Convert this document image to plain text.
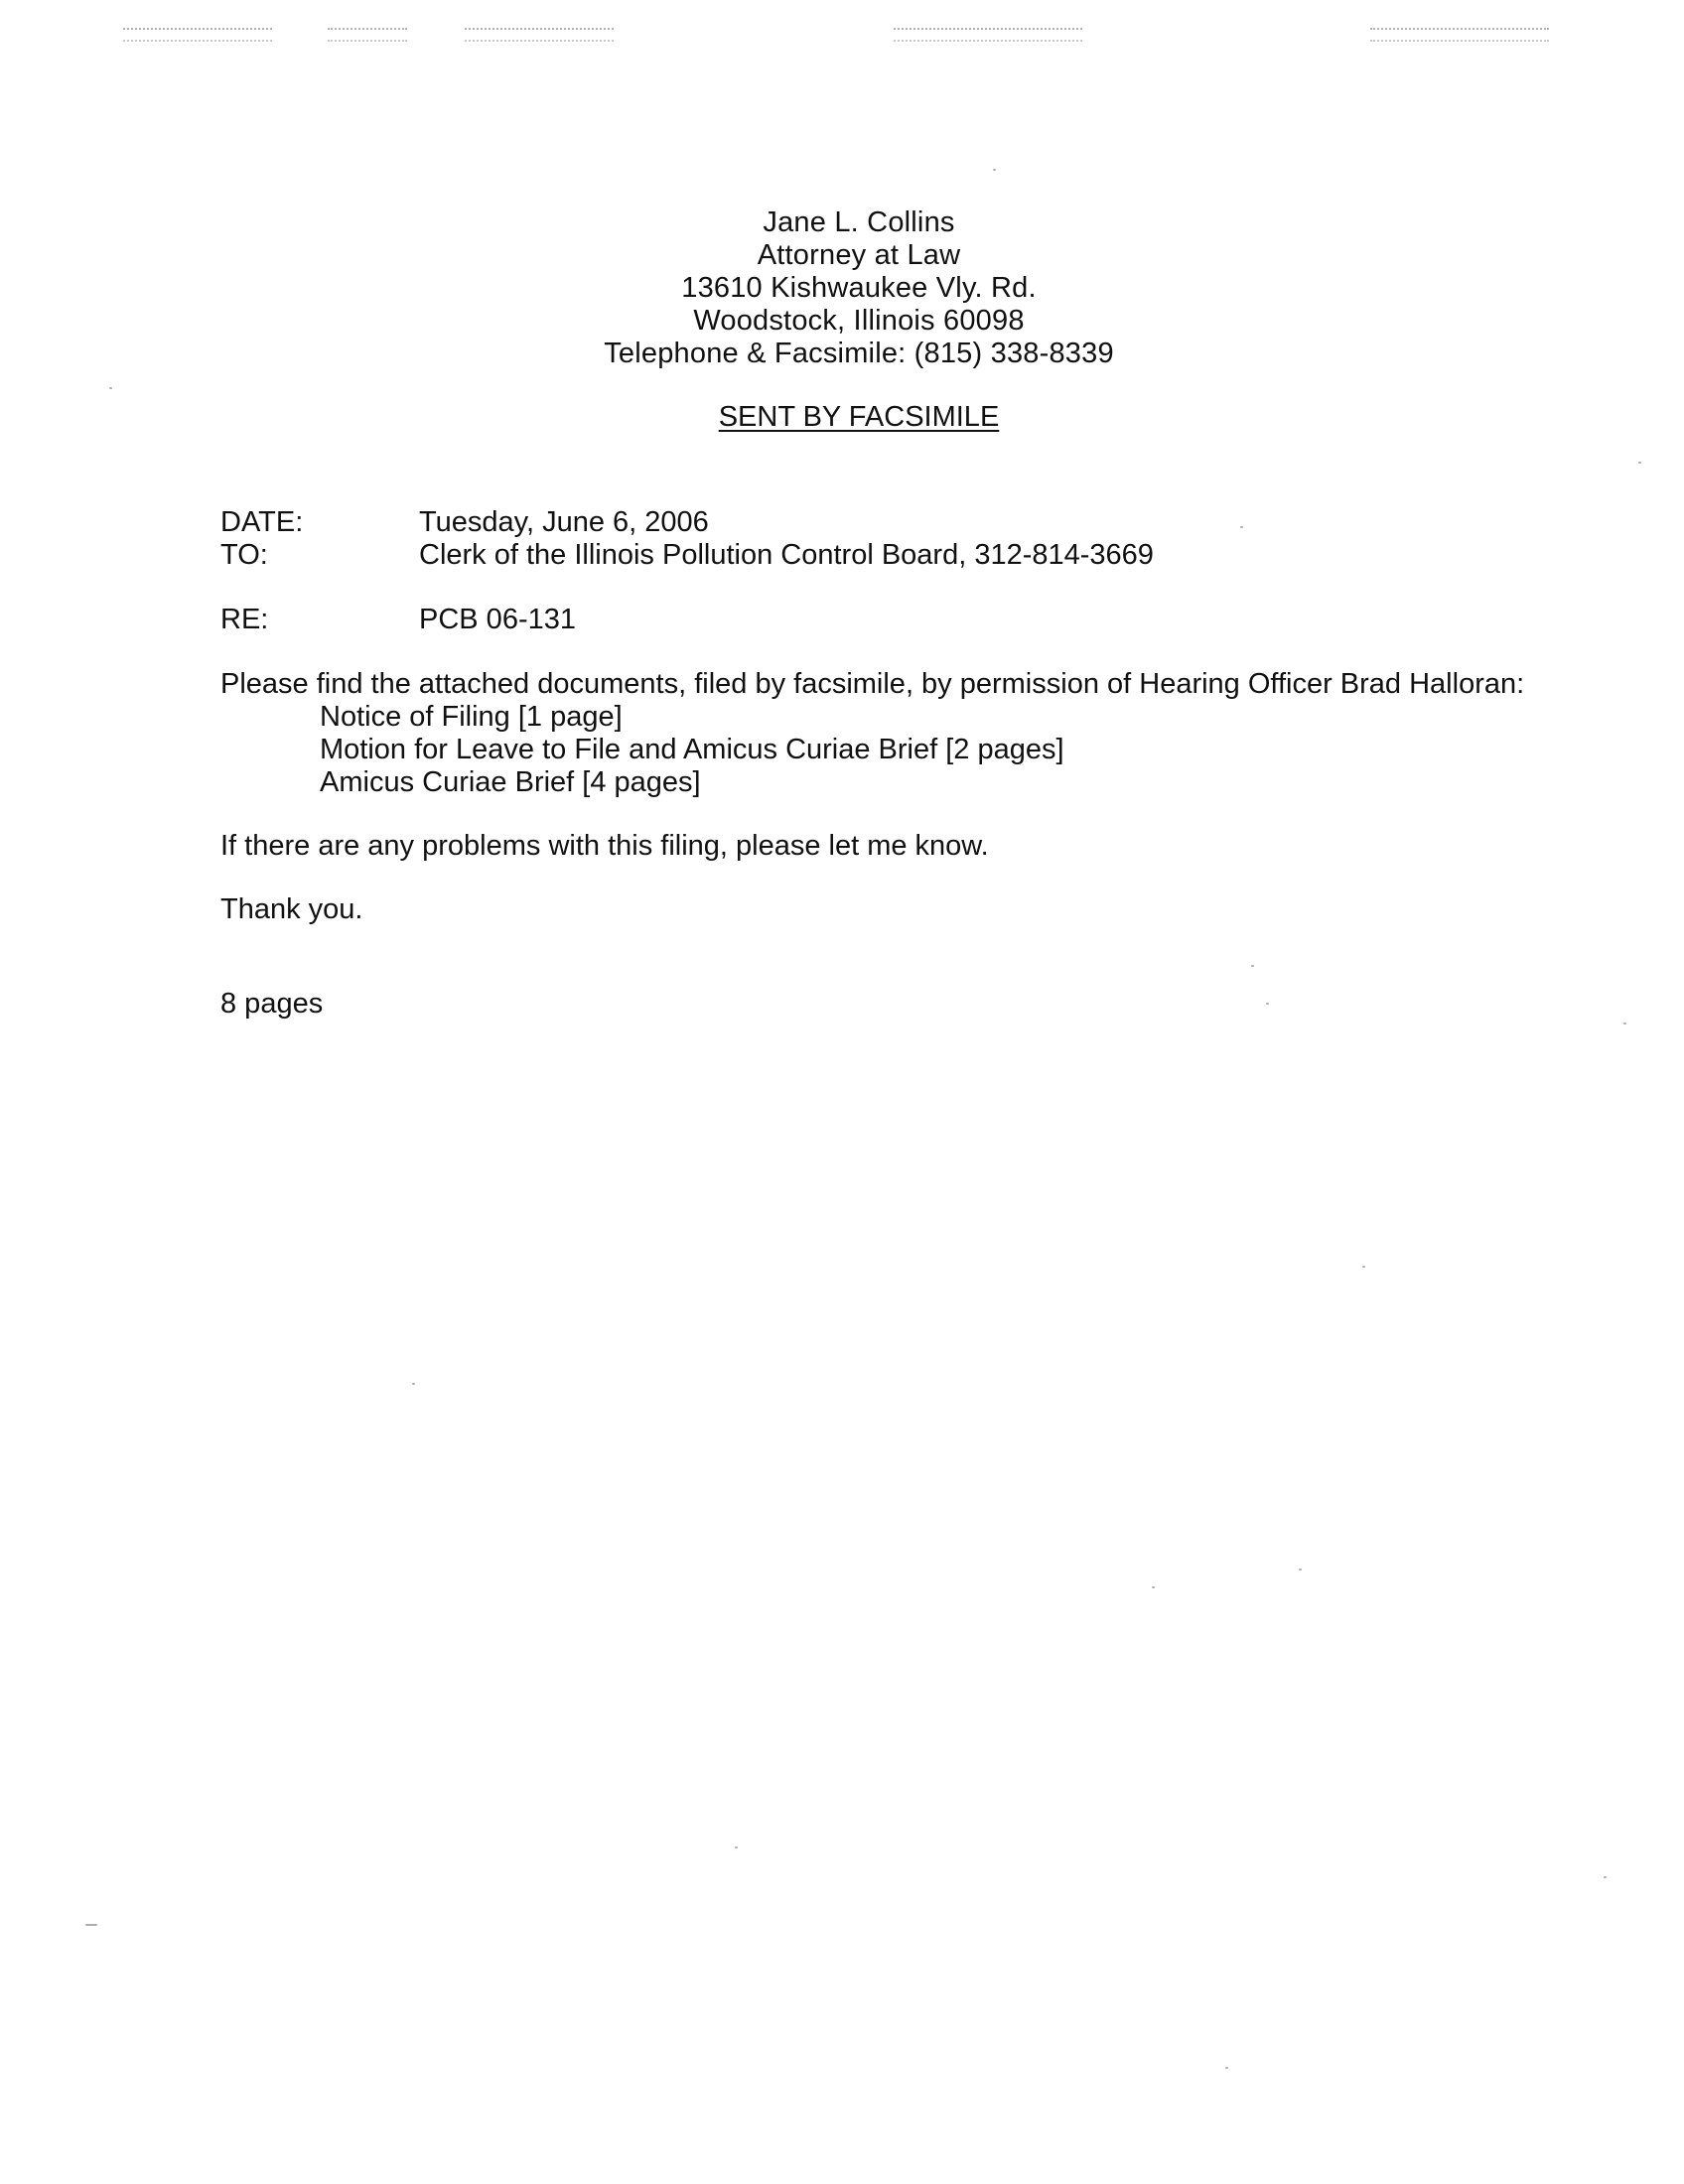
Jane L. Collins
Attorney at Law
13610 Kishwaukee Vly. Rd.
Woodstock, Illinois 60098
Telephone & Facsimile: (815) 338-8339
SENT BY FACSIMILE
DATE:	Tuesday, June 6, 2006
TO:	Clerk of the Illinois Pollution Control Board, 312-814-3669
RE:	PCB 06-131

Please find the attached documents, filed by facsimile, by permission of Hearing Officer Brad Halloran:

Notice of Filing [1 page]
Motion for Leave to File and Amicus Curiae Brief [2 pages]
Amicus Curiae Brief [4 pages]

If there are any problems with this filing, please let me know.

Thank you.

8 pages
